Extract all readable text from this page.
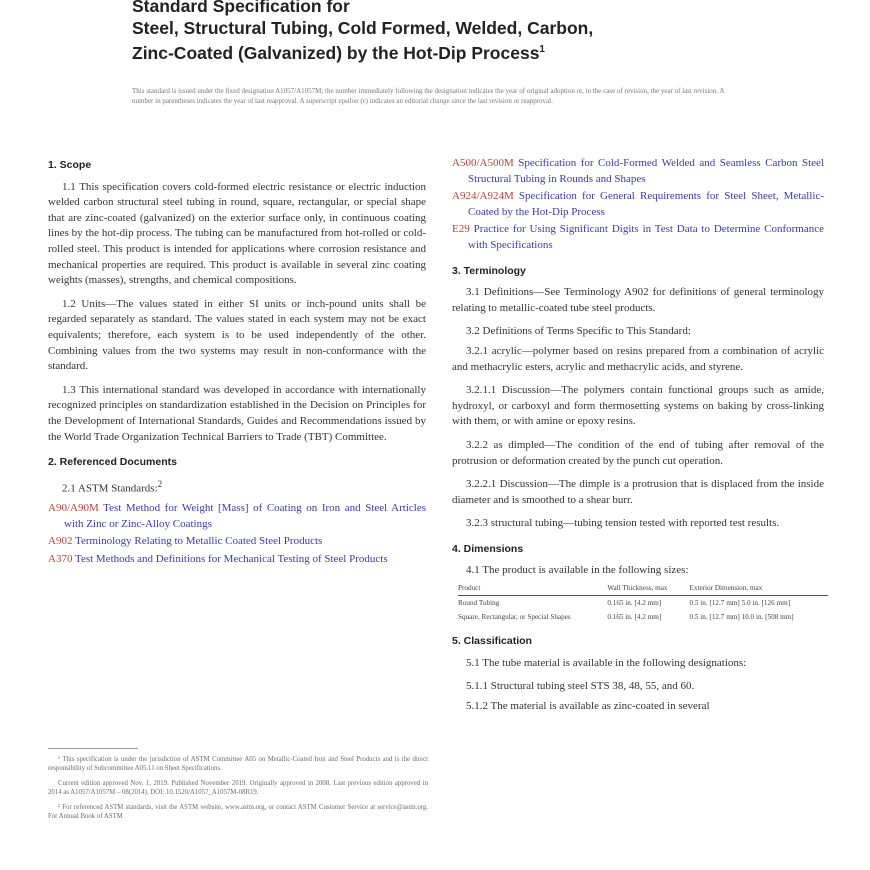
Standard Specification for
Steel, Structural Tubing, Cold Formed, Welded, Carbon,
Zinc-Coated (Galvanized) by the Hot-Dip Process$^1$
This standard is issued under the fixed designation A1057/A1057M; the number immediately following the designation indicates the year of original adoption or, in the case of revision, the year of last revision. A number in parentheses indicates the year of last reapproval. A superscript epsilon (ε) indicates an editorial change since the last revision or reapproval.
1. Scope

1.1 This specification covers cold-formed electric resistance or electric induction welded carbon structural steel tubing in round, square, rectangular, or special shape that are zinc-coated (galvanized) on the exterior surface only, in continuous coating lines by the hot-dip process. The tubing can be manufactured from hot-rolled or cold-rolled steel. This product is intended for applications where corrosion resistance and mechanical properties are required. This product is available in several zinc coating weights (masses), strengths, and chemical compositions.

1.2 Units—The values stated in either SI units or inch-pound units shall be regarded separately as standard. The values stated in each system may not be exact equivalents; therefore, each system is to be used independently of the other. Combining values from the two systems may result in non-conformance with the standard.

1.3 This international standard was developed in accordance with internationally recognized principles on standardization established in the Decision on Principles for the Development of International Standards, Guides and Recommendations issued by the World Trade Organization Technical Barriers to Trade (TBT) Committee.

2. Referenced Documents

2.1 ASTM Standards:$^2$

A90/A90M Test Method for Weight [Mass] of Coating on Iron and Steel Articles with Zinc or Zinc-Alloy Coatings
A902 Terminology Relating to Metallic Coated Steel Products
A370 Test Methods and Definitions for Mechanical Testing of Steel Products
¹ This specification is under the jurisdiction of ASTM Committee A05 on Metallic-Coated Iron and Steel Products and is the direct responsibility of Subcommittee A05.11 on Sheet Specifications.
Current edition approved Nov. 1, 2019. Published November 2019. Originally approved in 2008. Last previous edition approved in 2014 as A1057/A1057M – 08(2014). DOI: 10.1520/A1057_A1057M-08R19.
² For referenced ASTM standards, visit the ASTM website, www.astm.org, or contact ASTM Customer Service at service@astm.org. For Annual Book of ASTM
A500/A500M Specification for Cold-Formed Welded and Seamless Carbon Steel Structural Tubing in Rounds and Shapes
A924/A924M Specification for General Requirements for Steel Sheet, Metallic-Coated by the Hot-Dip Process
E29 Practice for Using Significant Digits in Test Data to Determine Conformance with Specifications
3. Terminology

3.1 Definitions—See Terminology A902 for definitions of general terminology relating to metallic-coated tube steel products.

3.2 Definitions of Terms Specific to This Standard:

3.2.1 acrylic—polymer based on resins prepared from a combination of acrylic and methacrylic esters, acrylic and methacrylic acids, and styrene.

3.2.1.1 Discussion—The polymers contain functional groups such as amide, hydroxyl, or carboxyl and form thermosetting systems on baking by cross-linking with them, or with amine or epoxy resins.

3.2.2 as dimpled—The condition of the end of tubing after removal of the protrusion or deformation created by the punch cut operation.

3.2.2.1 Discussion—The dimple is a protrusion that is displaced from the inside diameter and is smoothed to a shear burr.

3.2.3 structural tubing—tubing tension tested with reported test results.

4. Dimensions

4.1 The product is available in the following sizes:

Product	Wall Thickness, max	Exterior Dimension, max
Round Tubing	0.165 in. [4.2 mm]	0.5 in. [12.7 mm] 5.0 in. [126 mm]
Square, Rectangular, or Special Shapes	0.165 in. [4.2 mm]	0.5 in. [12.7 mm] 10.0 in. [508 mm]
5. Classification

5.1 The tube material is available in the following designations:

5.1.1 Structural tubing steel STS 38, 48, 55, and 60.

5.1.2 The material is available as zinc-coated in several
